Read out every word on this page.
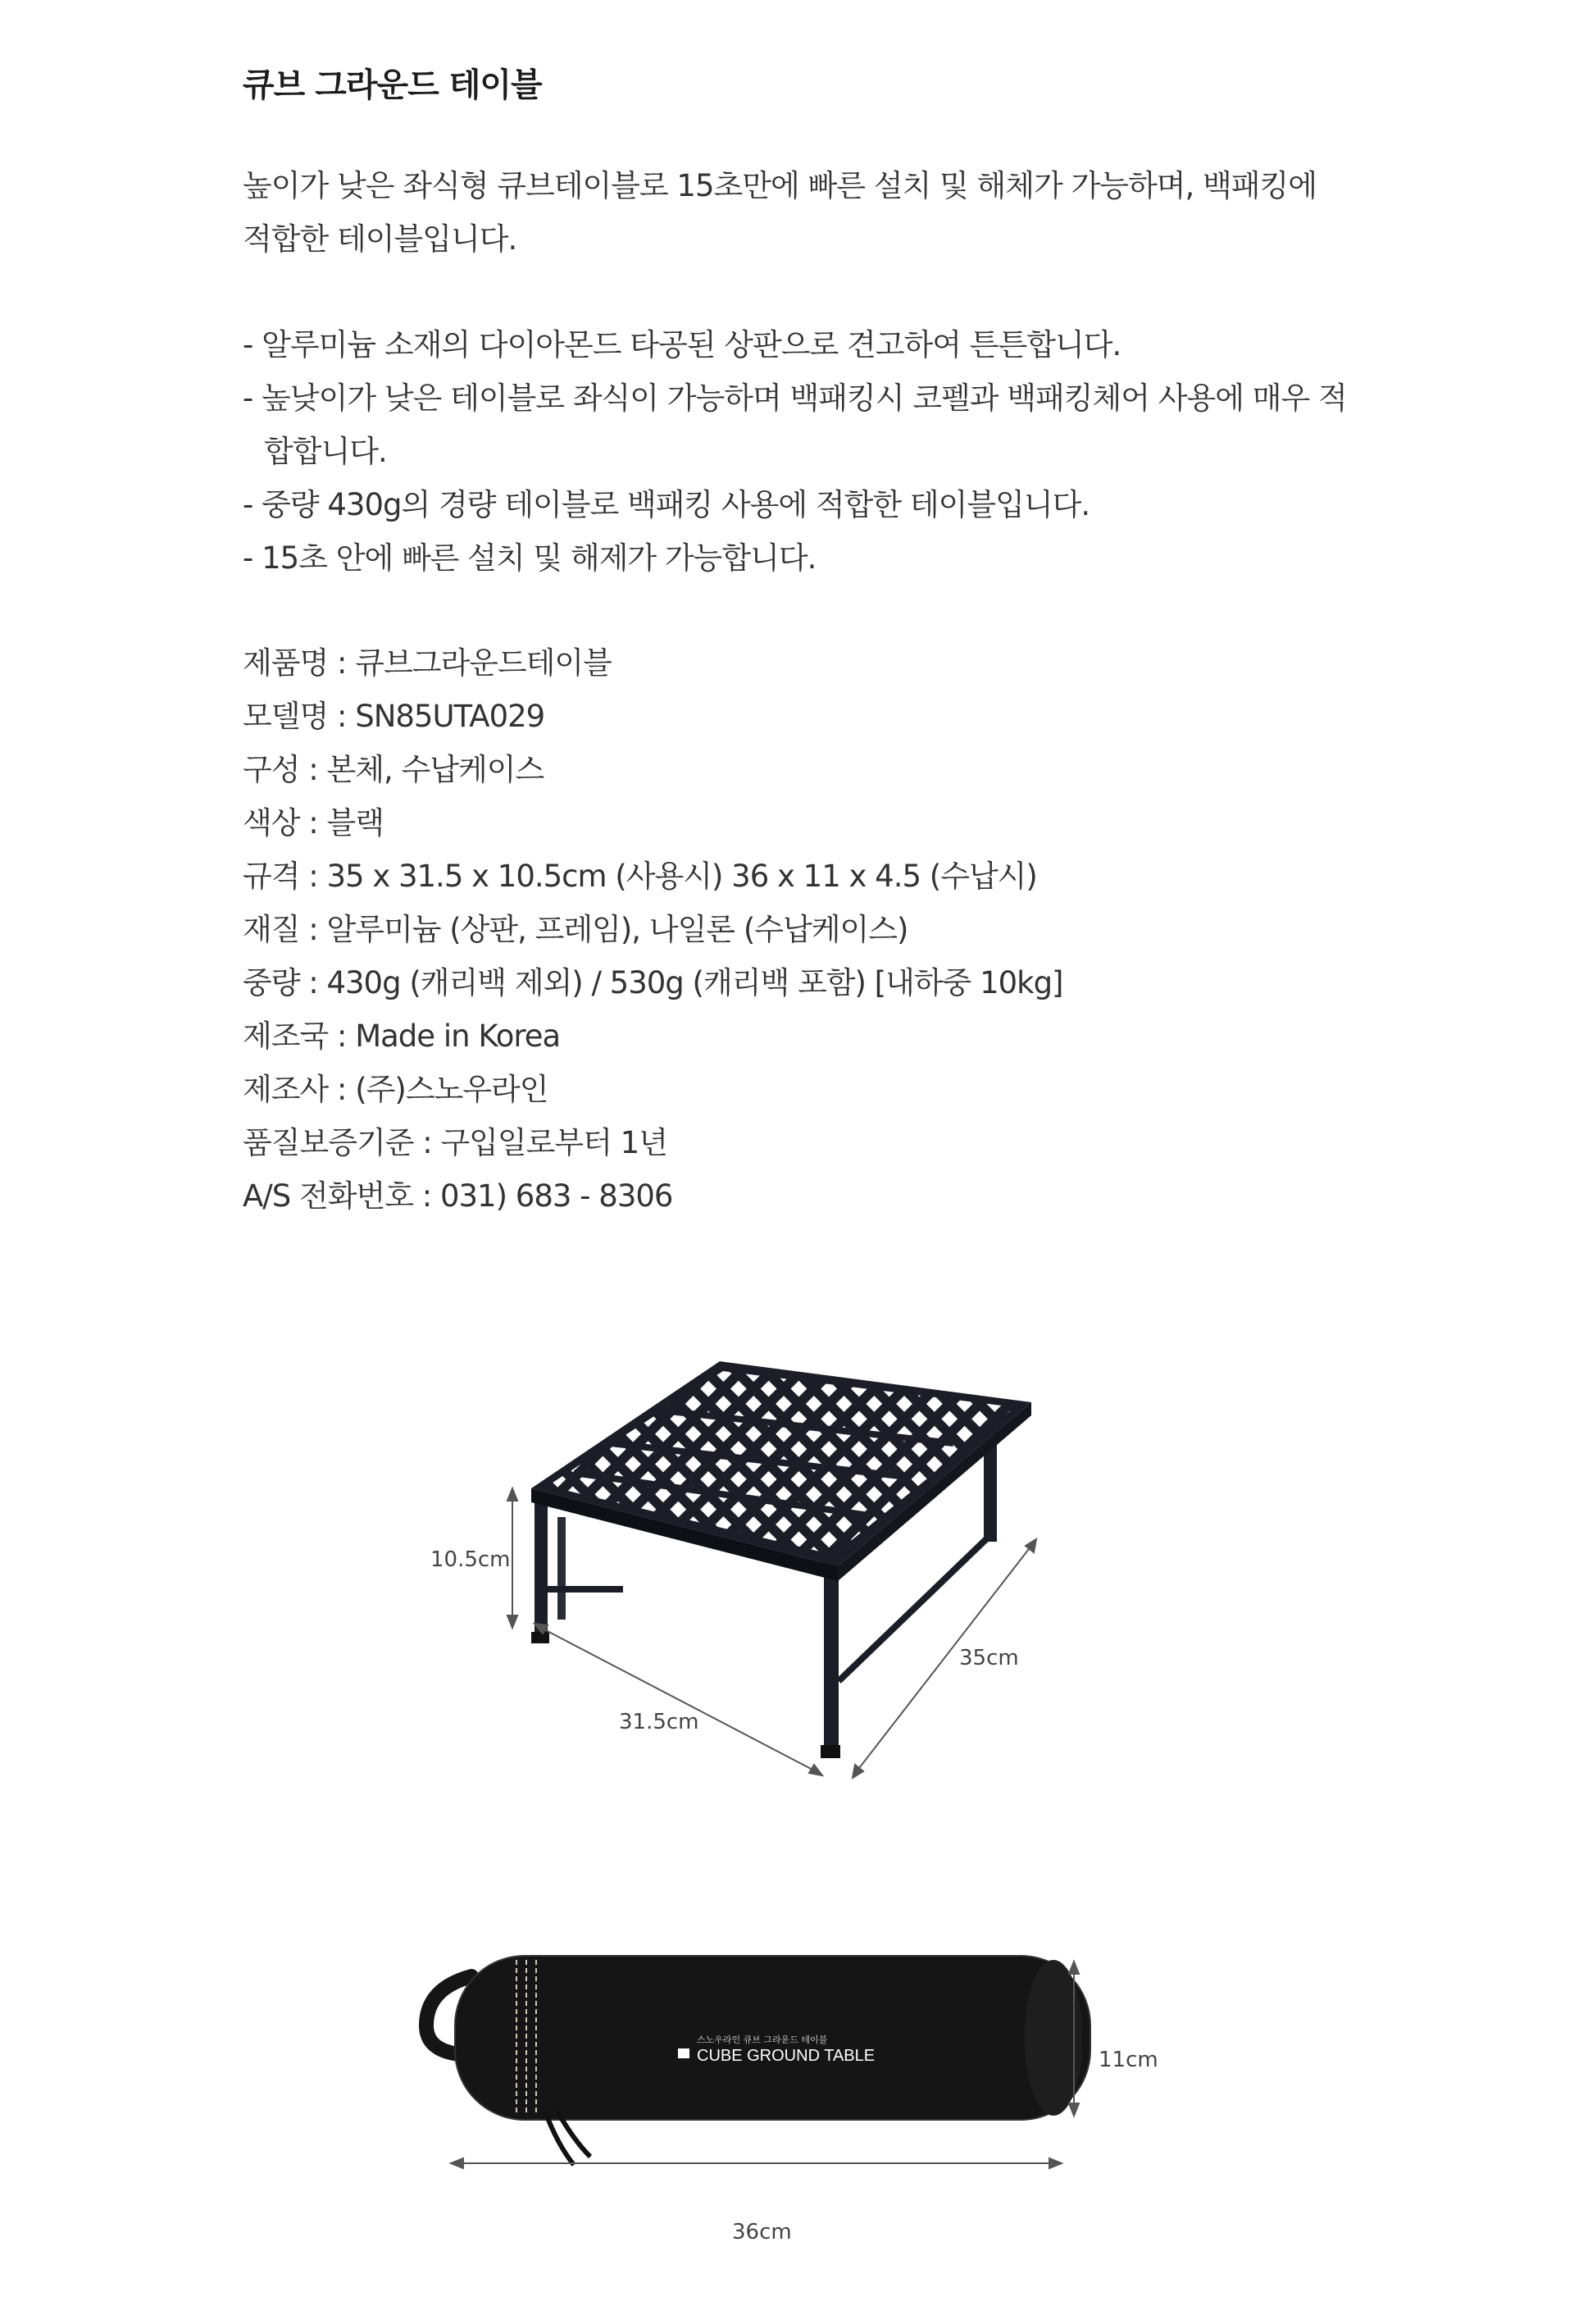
큐브 그라운드 테이블

높이가 낮은 좌식형 큐브테이블로 15초만에 빠른 설치 및 해체가 가능하며, 백패킹에

적합한 테이블입니다.

- 알루미늄 소재의 다이아몬드 타공된 상판으로 견고하여 튼튼합니다.

- 높낮이가 낮은 테이블로 좌식이 가능하며 백패킹시 코펠과 백패킹체어 사용에 매우 적

합합니다.

- 중량 430g의 경량 테이블로 백패킹 사용에 적합한 테이블입니다.

- 15초 안에 빠른 설치 및 해제가 가능합니다.

제품명 : 큐브그라운드테이블

모델명 : SN85UTA029

구성 : 본체, 수납케이스

색상 : 블랙

규격 : 35 x 31.5 x 10.5cm (사용시) 36 x 11 x 4.5 (수납시)

재질 : 알루미늄 (상판, 프레임), 나일론 (수납케이스)

중량 : 430g (캐리백 제외) / 530g (캐리백 포함) [내하중 10kg]

제조국 : Made in Korea

제조사 : (주)스노우라인

품질보증기준 : 구입일로부터 1년

A/S 전화번호 : 031) 683 - 8306

10.5cm
31.5cm
35cm
스노우라인 큐브 그라운드 테이블
CUBE GROUND TABLE	11cm
36cm
